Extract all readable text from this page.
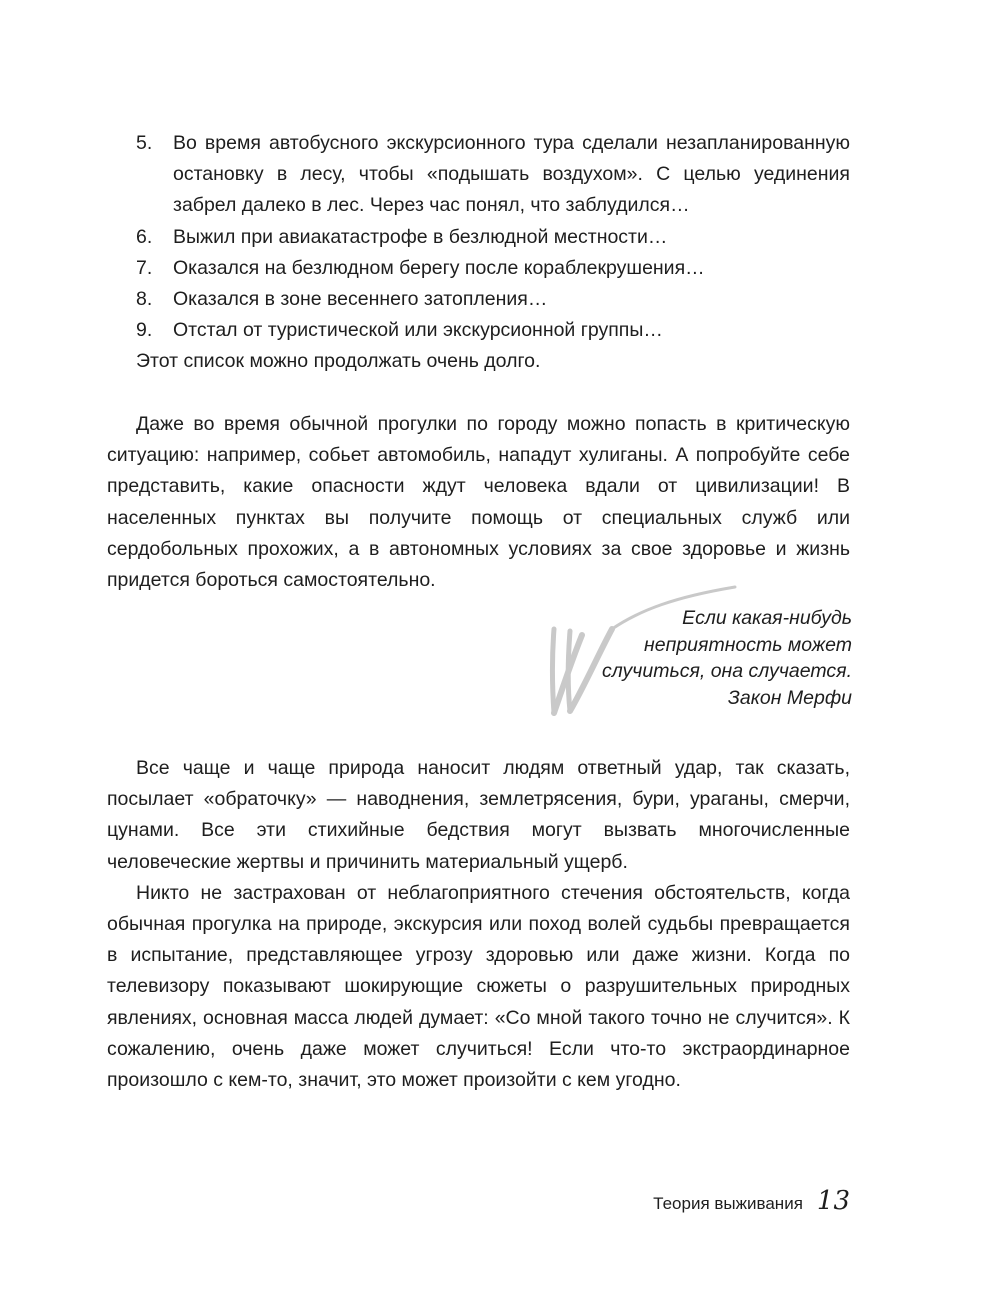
5. Во время автобусного экскурсионного тура сделали незапланированную остановку в лесу, чтобы «подышать воздухом». С целью уединения забрел далеко в лес. Через час понял, что заблудился…
6. Выжил при авиакатастрофе в безлюдной местности…
7. Оказался на безлюдном берегу после кораблекрушения…
8. Оказался в зоне весеннего затопления…
9. Отстал от туристической или экскурсионной группы…
Этот список можно продолжать очень долго.

Даже во время обычной прогулки по городу можно попасть в критическую ситуацию: например, собьет автомобиль, нападут хулиганы. А попробуйте себе представить, какие опасности ждут человека вдали от цивилизации! В населенных пунктах вы получите помощь от специальных служб или сердобольных прохожих, а в автономных условиях за свое здоровье и жизнь придется бороться самостоятельно.

Если какая-нибудь
неприятность может
случиться, она случается.
Закон Мерфи

Все чаще и чаще природа наносит людям ответный удар, так сказать, посылает «обраточку» — наводнения, землетрясения, бури, ураганы, смерчи, цунами. Все эти стихийные бедствия могут вызвать многочисленные человеческие жертвы и причинить материальный ущерб.

Никто не застрахован от неблагоприятного стечения обстоятельств, когда обычная прогулка на природе, экскурсия или поход волей судьбы превращается в испытание, представляющее угрозу здоровью или даже жизни. Когда по телевизору показывают шокирующие сюжеты о разрушительных природных явлениях, основная масса людей думает: «Со мной такого точно не случится». К сожалению, очень даже может случиться! Если что-то экстраординарное произошло с кем-то, значит, это может произойти с кем угодно.

Теория выживания 13
